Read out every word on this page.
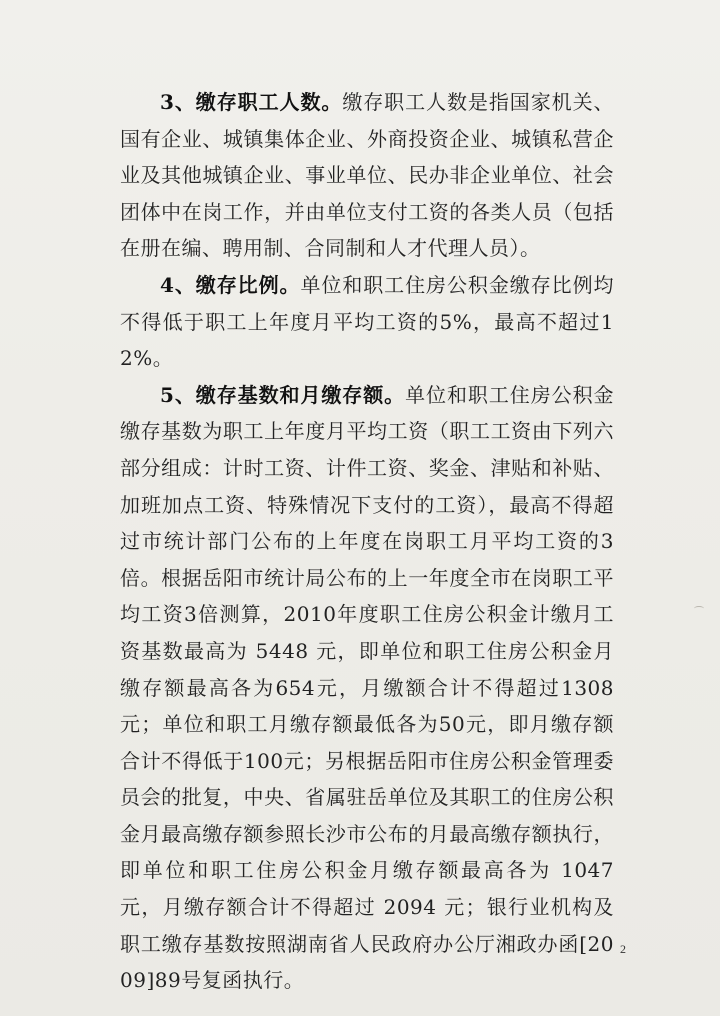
3、缴存职工人数。缴存职工人数是指国家机关、国有企业、城镇集体企业、外商投资企业、城镇私营企业及其他城镇企业、事业单位、民办非企业单位、社会团体中在岗工作，并由单位支付工资的各类人员（包括在册在编、聘用制、合同制和人才代理人员）。

4、缴存比例。单位和职工住房公积金缴存比例均不得低于职工上年度月平均工资的5%，最高不超过12%。

5、缴存基数和月缴存额。单位和职工住房公积金缴存基数为职工上年度月平均工资（职工工资由下列六部分组成：计时工资、计件工资、奖金、津贴和补贴、加班加点工资、特殊情况下支付的工资），最高不得超过市统计部门公布的上年度在岗职工月平均工资的3倍。根据岳阳市统计局公布的上一年度全市在岗职工平均工资3倍测算，2010年度职工住房公积金计缴月工资基数最高为 5448 元，即单位和职工住房公积金月缴存额最高各为654元，月缴额合计不得超过1308元；单位和职工月缴存额最低各为50元，即月缴存额合计不得低于100元；另根据岳阳市住房公积金管理委员会的批复，中央、省属驻岳单位及其职工的住房公积金月最高缴存额参照长沙市公布的月最高缴存额执行，即单位和职工住房公积金月缴存额最高各为 1047 元，月缴存额合计不得超过 2094 元；银行业机构及职工缴存基数按照湖南省人民政府办公厅湘政办函[2009]89号复函执行。

2
